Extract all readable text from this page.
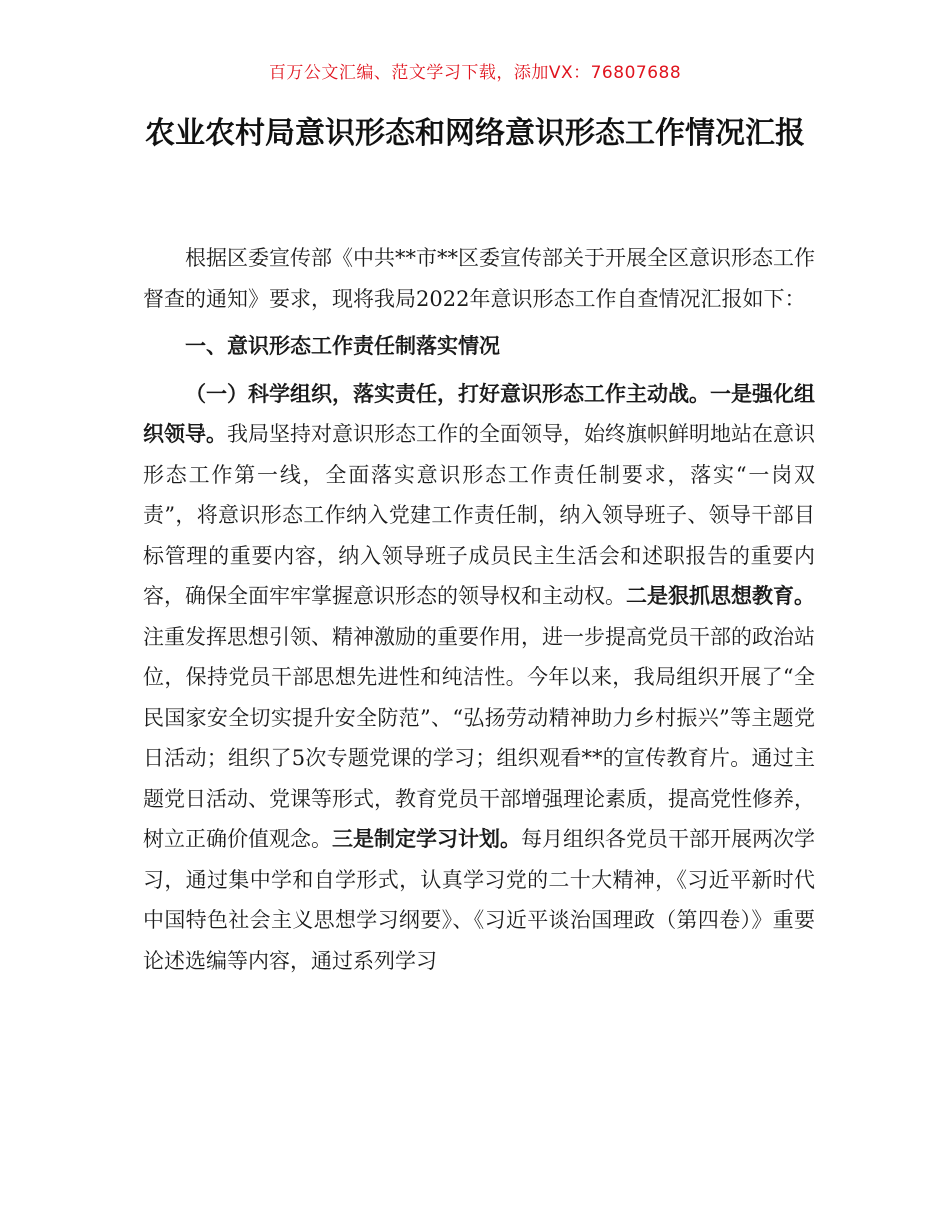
百万公文汇编、范文学习下载，添加VX：76807688
农业农村局意识形态和网络意识形态工作情况汇报

根据区委宣传部《中共**市**区委宣传部关于开展全区意识形态工作督查的通知》要求，现将我局2022年意识形态工作自查情况汇报如下：

一、意识形态工作责任制落实情况

（一）科学组织，落实责任，打好意识形态工作主动战。一是强化组织领导。我局坚持对意识形态工作的全面领导，始终旗帜鲜明地站在意识形态工作第一线，全面落实意识形态工作责任制要求，落实“一岗双责”，将意识形态工作纳入党建工作责任制，纳入领导班子、领导干部目标管理的重要内容，纳入领导班子成员民主生活会和述职报告的重要内容，确保全面牢牢掌握意识形态的领导权和主动权。二是狠抓思想教育。注重发挥思想引领、精神激励的重要作用，进一步提高党员干部的政治站位，保持党员干部思想先进性和纯洁性。今年以来，我局组织开展了“全民国家安全切实提升安全防范”、“弘扬劳动精神助力乡村振兴”等主题党日活动；组织了5次专题党课的学习；组织观看**的宣传教育片。通过主题党日活动、党课等形式，教育党员干部增强理论素质，提高党性修养，树立正确价值观念。三是制定学习计划。每月组织各党员干部开展两次学习，通过集中学和自学形式，认真学习党的二十大精神，《习近平新时代中国特色社会主义思想学习纲要》、《习近平谈治国理政（第四卷）》重要论述选编等内容，通过系列学习
